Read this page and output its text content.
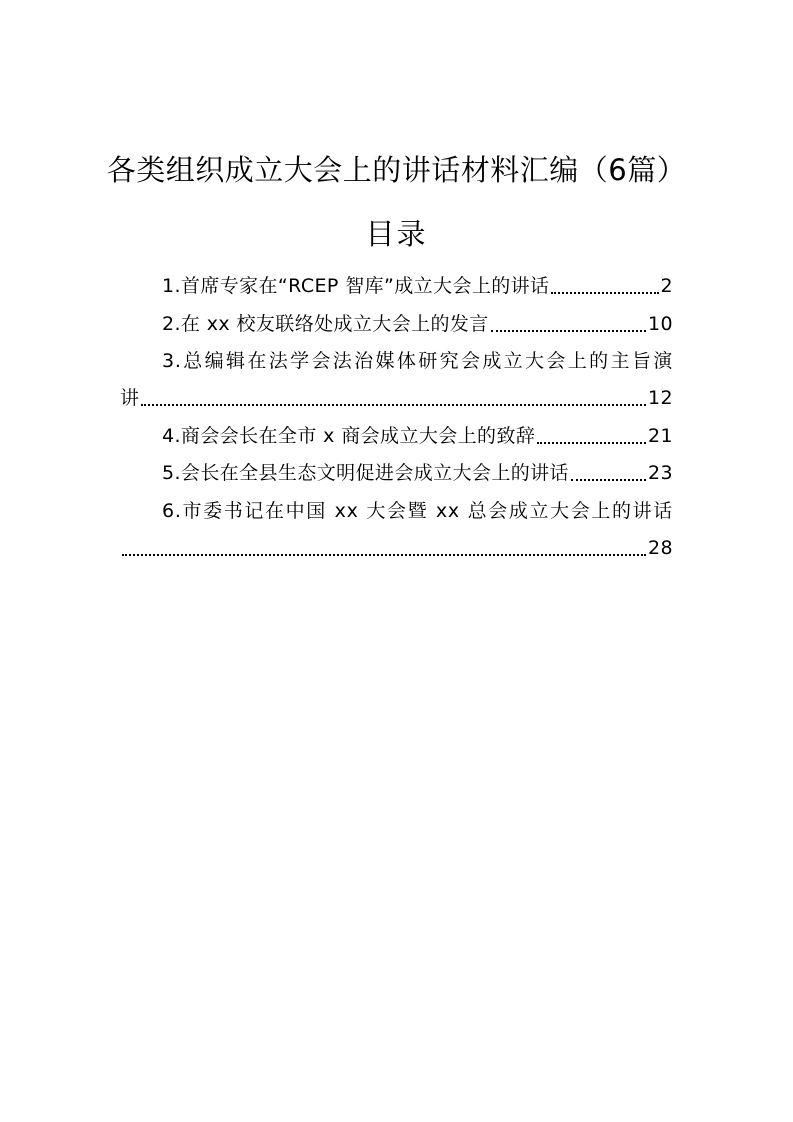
各类组织成立大会上的讲话材料汇编（6篇）
目录
1.首席专家在“RCEP 智库”成立大会上的讲话	2
2.在 xx 校友联络处成立大会上的发言	10
3.总编辑在法学会法治媒体研究会成立大会上的主旨演
讲	12
4.商会会长在全市 x 商会成立大会上的致辞	21
5.会长在全县生态文明促进会成立大会上的讲话	23
6.市委书记在中国 xx 大会暨 xx 总会成立大会上的讲话
28
